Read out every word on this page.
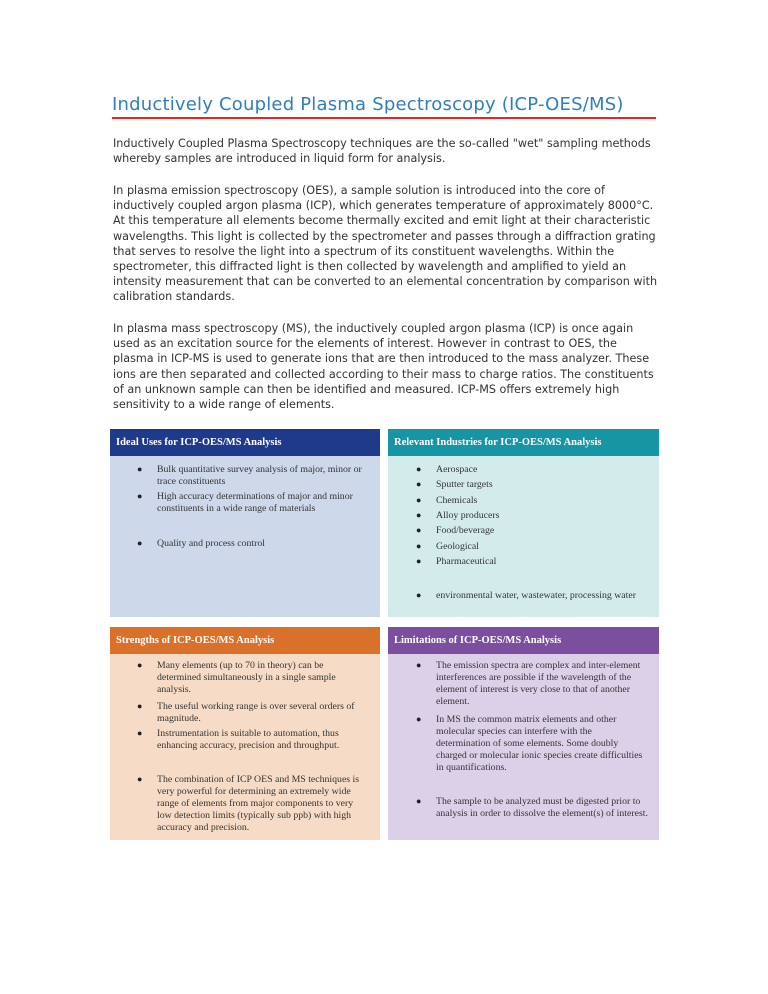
Inductively Coupled Plasma Spectroscopy (ICP-OES/MS)

Inductively Coupled Plasma Spectroscopy techniques are the so-called "wet" sampling methods whereby samples are introduced in liquid form for analysis.

In plasma emission spectroscopy (OES), a sample solution is introduced into the core of inductively coupled argon plasma (ICP), which generates temperature of approximately 8000°C. At this temperature all elements become thermally excited and emit light at their characteristic wavelengths. This light is collected by the spectrometer and passes through a diffraction grating that serves to resolve the light into a spectrum of its constituent wavelengths. Within the spectrometer, this diffracted light is then collected by wavelength and amplified to yield an intensity measurement that can be converted to an elemental concentration by comparison with calibration standards.

In plasma mass spectroscopy (MS), the inductively coupled argon plasma (ICP) is once again used as an excitation source for the elements of interest. However in contrast to OES, the plasma in ICP-MS is used to generate ions that are then introduced to the mass analyzer. These ions are then separated and collected according to their mass to charge ratios. The constituents of an unknown sample can then be identified and measured. ICP-MS offers extremely high sensitivity to a wide range of elements.

Ideal Uses for ICP-OES/MS Analysis
● Bulk quantitative survey analysis of major, minor or trace constituents
● High accuracy determinations of major and minor constituents in a wide range of materials
● Quality and process control
Relevant Industries for ICP-OES/MS Analysis
● Aerospace
● Sputter targets
● Chemicals
● Alloy producers
● Food/beverage
● Geological
● Pharmaceutical
● environmental water, wastewater, processing water
Strengths of ICP-OES/MS Analysis
● Many elements (up to 70 in theory) can be determined simultaneously in a single sample analysis.
● The useful working range is over several orders of magnitude.
● Instrumentation is suitable to automation, thus enhancing accuracy, precision and throughput.
● The combination of ICP OES and MS techniques is very powerful for determining an extremely wide range of elements from major components to very low detection limits (typically sub ppb) with high accuracy and precision.
Limitations of ICP-OES/MS Analysis
● The emission spectra are complex and inter-element interferences are possible if the wavelength of the element of interest is very close to that of another element.
● In MS the common matrix elements and other molecular species can interfere with the determination of some elements. Some doubly charged or molecular ionic species create difficulties in quantifications.
● The sample to be analyzed must be digested prior to analysis in order to dissolve the element(s) of interest.
